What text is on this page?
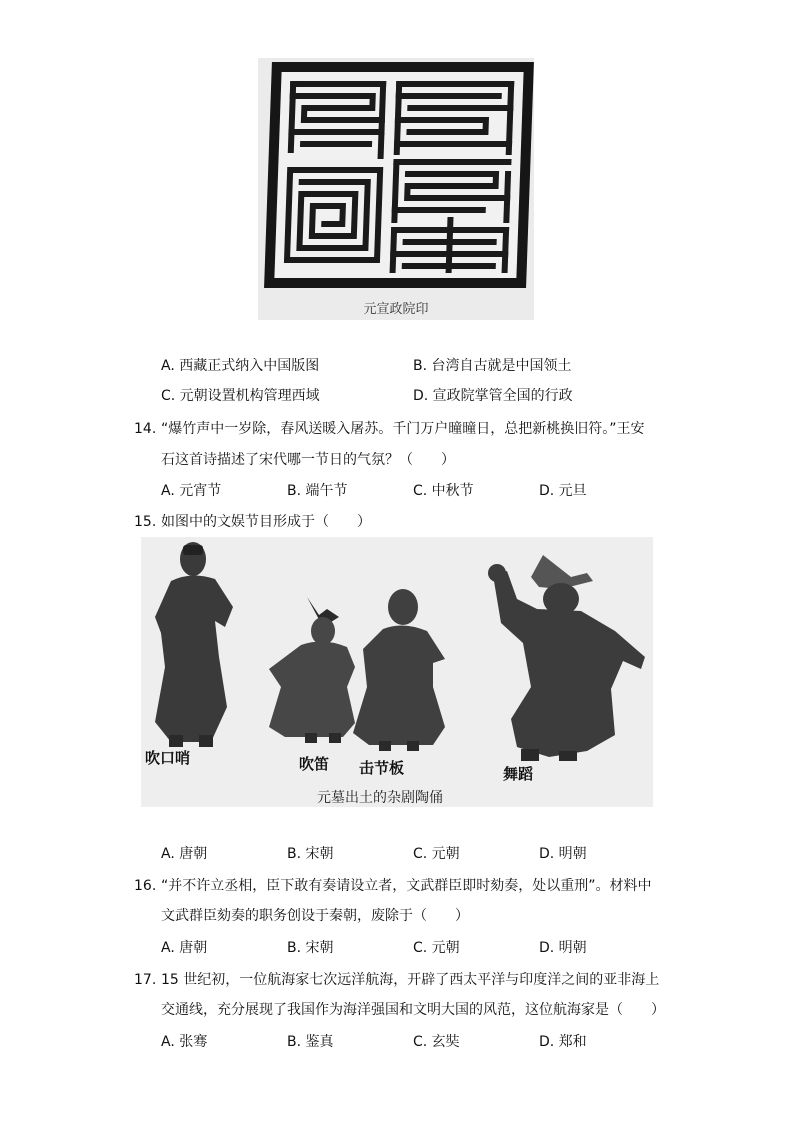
元宣政院印
A. 西藏正式纳入中国版图	B. 台湾自古就是中国领土
C. 元朝设置机构管理西域	D. 宣政院掌管全国的行政
14. “爆竹声中一岁除，春风送暖入屠苏。千门万户曈曈日，总把新桃换旧符。”王安
石这首诗描述了宋代哪一节日的气氛？（　　）
A. 元宵节	B. 端午节	C. 中秋节	D. 元旦
15. 如图中的文娱节目形成于（　　）
吹口哨	吹笛 击节板	舞蹈
元墓出土的杂剧陶俑
A. 唐朝	B. 宋朝	C. 元朝	D. 明朝
16. “并不许立丞相，臣下敢有奏请设立者，文武群臣即时劾奏，处以重刑”。材料中
文武群臣劾奏的职务创设于秦朝，废除于（　　）
A. 唐朝	B. 宋朝	C. 元朝	D. 明朝
17. 15 世纪初，一位航海家七次远洋航海，开辟了西太平洋与印度洋之间的亚非海上
交通线，充分展现了我国作为海洋强国和文明大国的风范，这位航海家是（　　）
A. 张骞	B. 鉴真	C. 玄奘	D. 郑和
